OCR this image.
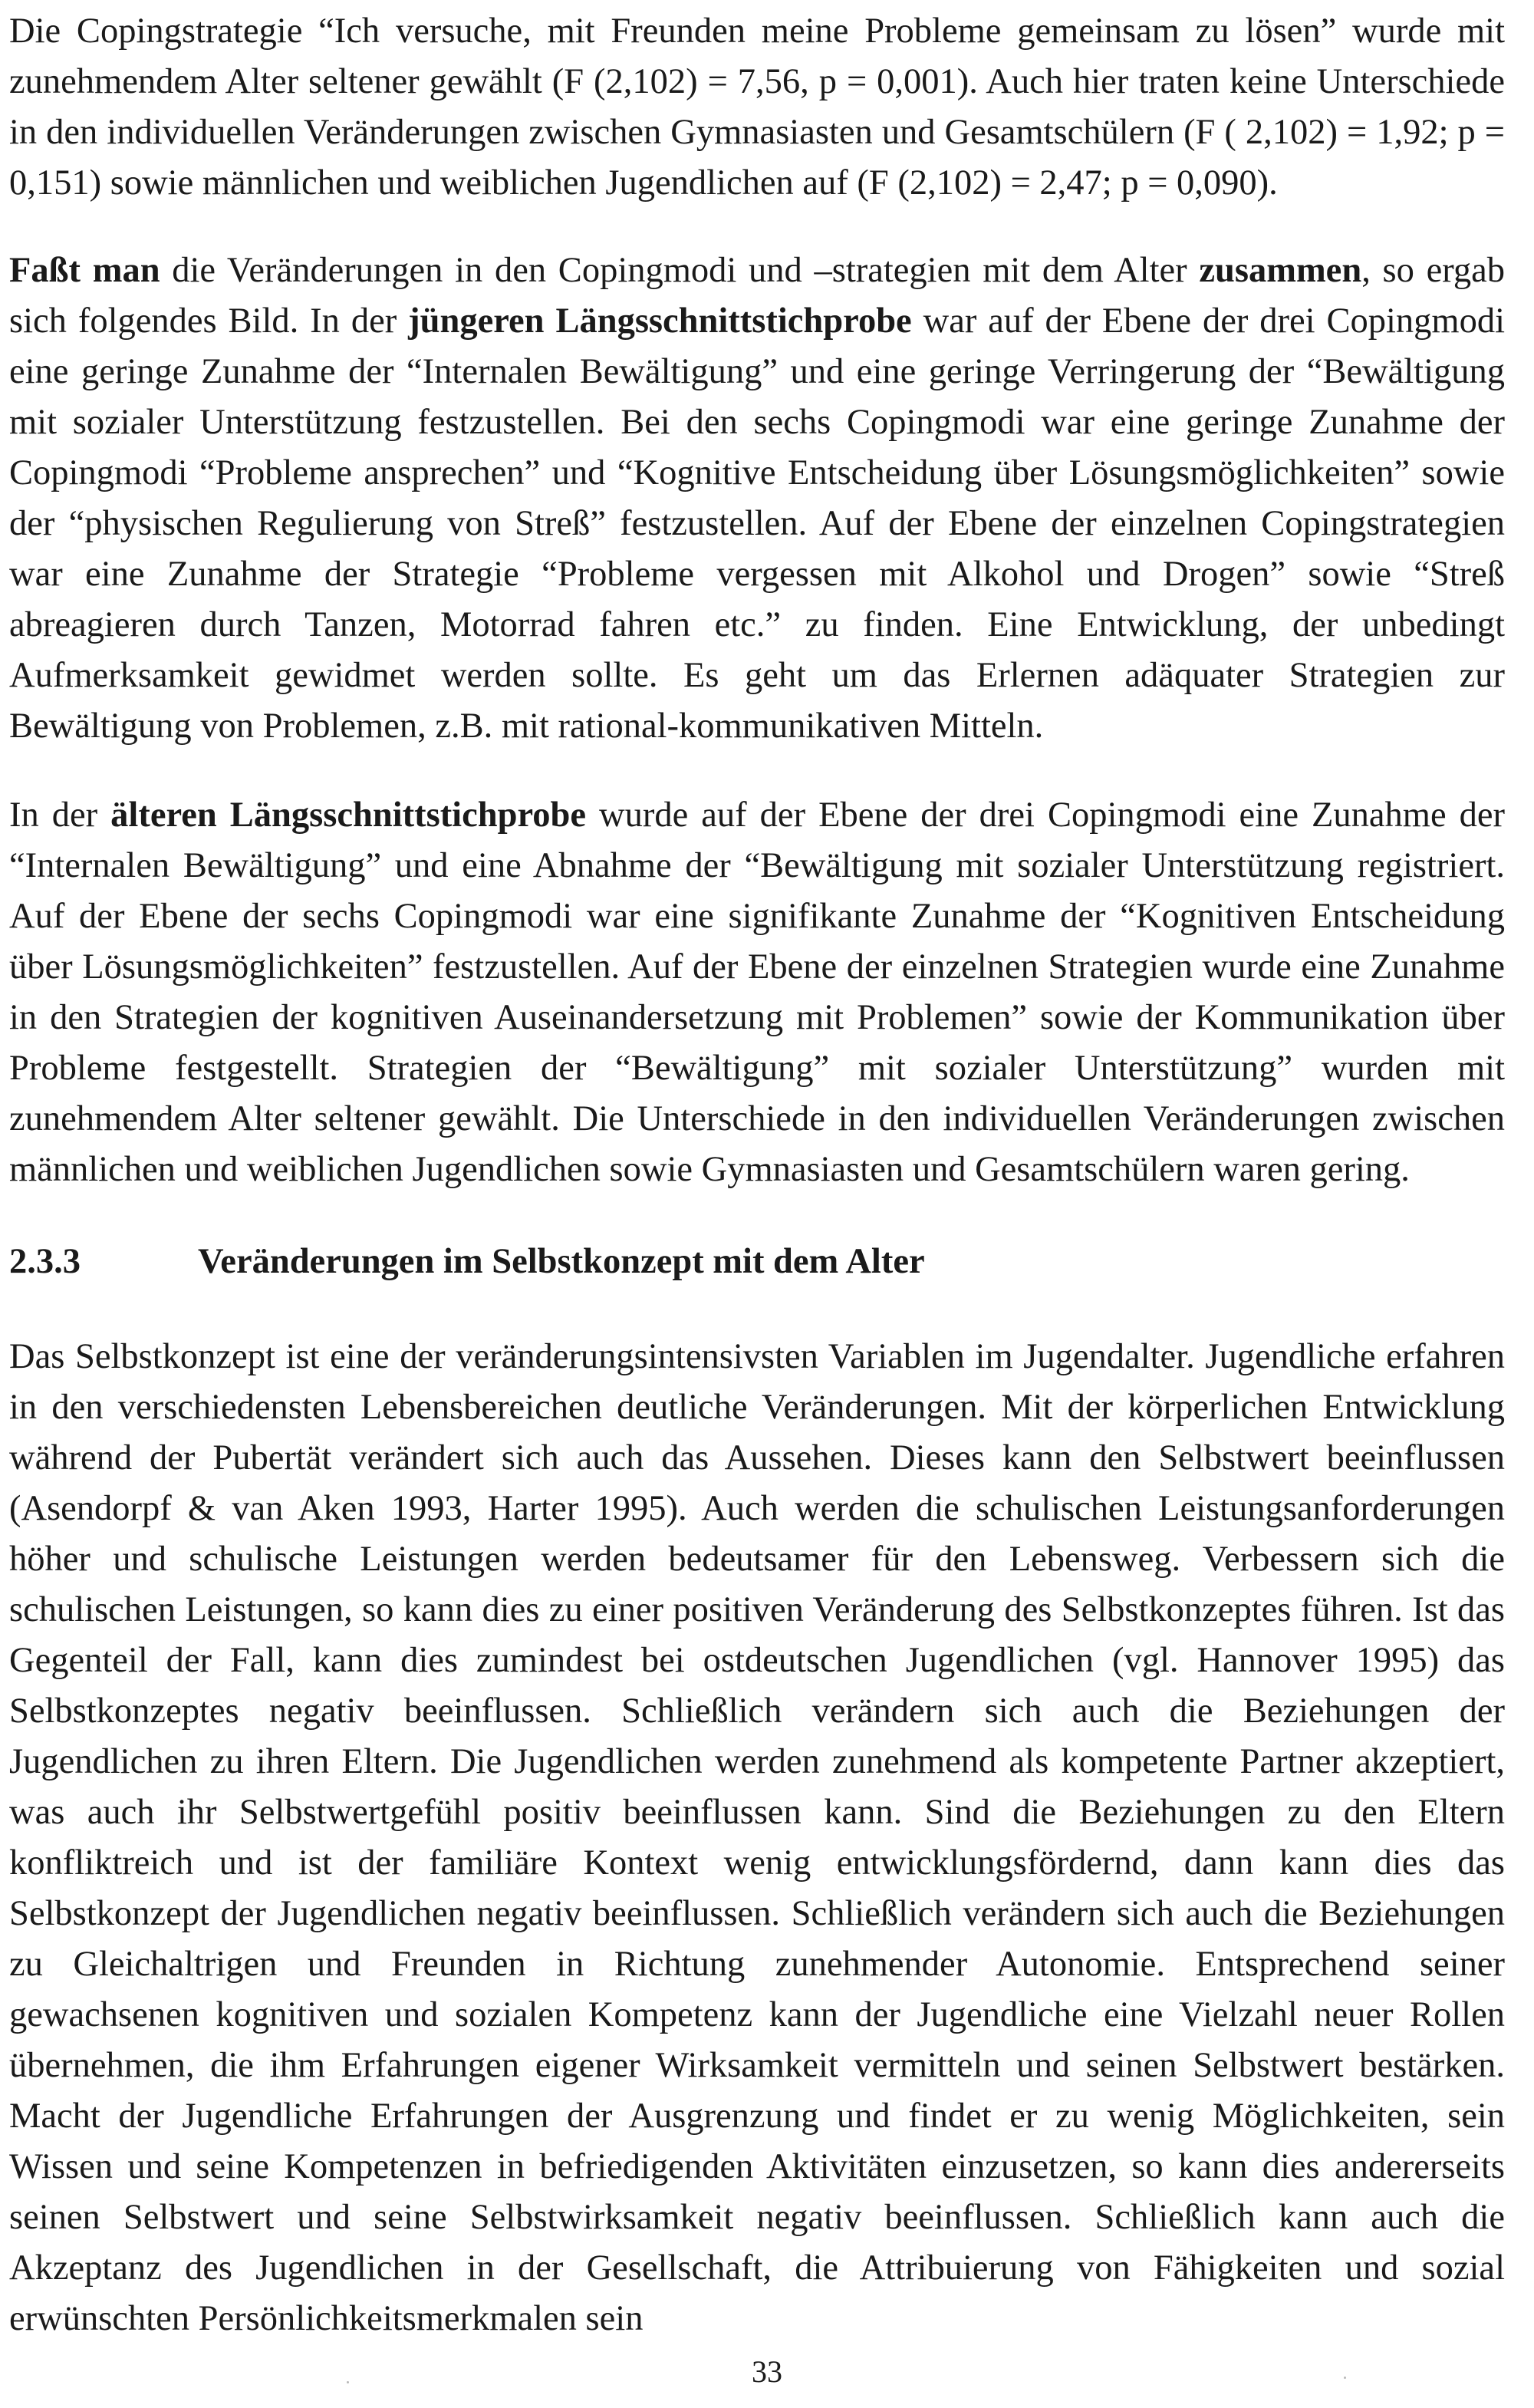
Die Copingstrategie “Ich versuche, mit Freunden meine Probleme gemeinsam zu lösen” wurde mit zunehmendem Alter seltener gewählt (F (2,102) = 7,56, p = 0,001). Auch hier traten keine Unterschiede in den individuellen Veränderungen zwischen Gymnasiasten und Gesamtschülern (F ( 2,102) = 1,92; p = 0,151) sowie männlichen und weiblichen Jugendlichen auf (F (2,102) = 2,47; p = 0,090).

Faßt man die Veränderungen in den Copingmodi und –strategien mit dem Alter zusammen, so ergab sich folgendes Bild. In der jüngeren Längsschnittstichprobe war auf der Ebene der drei Copingmodi eine geringe Zunahme der “Internalen Bewältigung” und eine geringe Verringerung der “Bewältigung mit sozialer Unterstützung festzustellen. Bei den sechs Copingmodi war eine geringe Zunahme der Copingmodi “Probleme ansprechen” und “Kognitive Entscheidung über Lösungsmöglichkeiten” sowie der “physischen Regulierung von Streß” festzustellen. Auf der Ebene der einzelnen Copingstrategien war eine Zunahme der Strategie “Probleme vergessen mit Alkohol und Drogen” sowie “Streß abreagieren durch Tanzen, Motorrad fahren etc.” zu finden. Eine Entwicklung, der unbedingt Aufmerksamkeit gewidmet werden sollte. Es geht um das Erlernen adäquater Strategien zur Bewältigung von Problemen, z.B. mit rational-kommunikativen Mitteln.

In der älteren Längsschnittstichprobe wurde auf der Ebene der drei Copingmodi eine Zunahme der “Internalen Bewältigung” und eine Abnahme der “Bewältigung mit sozialer Unterstützung registriert. Auf der Ebene der sechs Copingmodi war eine signifikante Zunahme der “Kognitiven Entscheidung über Lösungsmöglichkeiten” festzustellen. Auf der Ebene der einzelnen Strategien wurde eine Zunahme in den Strategien der kognitiven Auseinandersetzung mit Problemen” sowie der Kommunikation über Probleme festgestellt. Strategien der “Bewältigung” mit sozialer Unterstützung” wurden mit zunehmendem Alter seltener gewählt. Die Unterschiede in den individuellen Veränderungen zwischen männlichen und weiblichen Jugendlichen sowie Gymnasiasten und Gesamtschülern waren gering.

2.3.3	Veränderungen im Selbstkonzept mit dem Alter

Das Selbstkonzept ist eine der veränderungsintensivsten Variablen im Jugendalter. Jugendliche erfahren in den verschiedensten Lebensbereichen deutliche Veränderungen. Mit der körperlichen Entwicklung während der Pubertät verändert sich auch das Aussehen. Dieses kann den Selbstwert beeinflussen (Asendorpf & van Aken 1993, Harter 1995). Auch werden die schulischen Leistungsanforderungen höher und schulische Leistungen werden bedeutsamer für den Lebensweg. Verbessern sich die schulischen Leistungen, so kann dies zu einer positiven Veränderung des Selbstkonzeptes führen. Ist das Gegenteil der Fall, kann dies zumindest bei ostdeutschen Jugendlichen (vgl. Hannover 1995) das Selbstkonzeptes negativ beeinflussen. Schließlich verändern sich auch die Beziehungen der Jugendlichen zu ihren Eltern. Die Jugendlichen werden zunehmend als kompetente Partner akzeptiert, was auch ihr Selbstwertgefühl positiv beeinflussen kann. Sind die Beziehungen zu den Eltern konfliktreich und ist der familiäre Kontext wenig entwicklungsfördernd, dann kann dies das Selbstkonzept der Jugendlichen negativ beeinflussen. Schließlich verändern sich auch die Beziehungen zu Gleichaltrigen und Freunden in Richtung zunehmender Autonomie. Entsprechend seiner gewachsenen kognitiven und sozialen Kompetenz kann der Jugendliche eine Vielzahl neuer Rollen übernehmen, die ihm Erfahrungen eigener Wirksamkeit vermitteln und seinen Selbstwert bestärken. Macht der Jugendliche Erfahrungen der Ausgrenzung und findet er zu wenig Möglichkeiten, sein Wissen und seine Kompetenzen in befriedigenden Aktivitäten einzusetzen, so kann dies andererseits seinen Selbstwert und seine Selbstwirksamkeit negativ beeinflussen. Schließlich kann auch die Akzeptanz des Jugendlichen in der Gesellschaft, die Attribuierung von Fähigkeiten und sozial erwünschten Persönlichkeitsmerkmalen sein

33
